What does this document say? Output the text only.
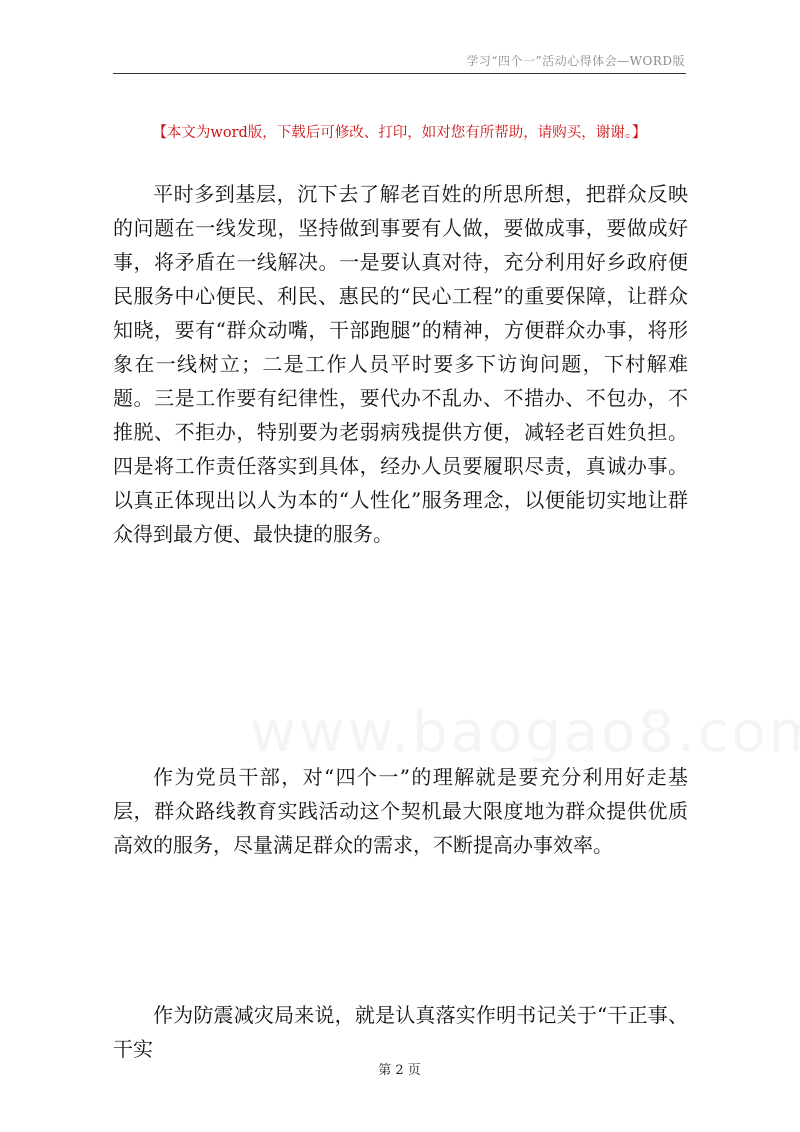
学习“四个一”活动心得体会—WORD版
【本文为word版，下载后可修改、打印，如对您有所帮助，请购买，谢谢。】

平时多到基层，沉下去了解老百姓的所思所想，把群众反映的问题在一线发现，坚持做到事要有人做，要做成事，要做成好事，将矛盾在一线解决。一是要认真对待，充分利用好乡政府便民服务中心便民、利民、惠民的“民心工程”的重要保障，让群众知晓，要有“群众动嘴，干部跑腿”的精神，方便群众办事，将形象在一线树立；二是工作人员平时要多下访询问题，下村解难题。三是工作要有纪律性，要代办不乱办、不措办、不包办，不推脱、不拒办，特别要为老弱病残提供方便，减轻老百姓负担。四是将工作责任落实到具体，经办人员要履职尽责，真诚办事。以真正体现出以人为本的“人性化”服务理念，以便能切实地让群众得到最方便、最快捷的服务。

作为党员干部，对“四个一”的理解就是要充分利用好走基层，群众路线教育实践活动这个契机最大限度地为群众提供优质高效的服务，尽量满足群众的需求，不断提高办事效率。

作为防震减灾局来说，就是认真落实作明书记关于“干正事、干实

第 2 页
